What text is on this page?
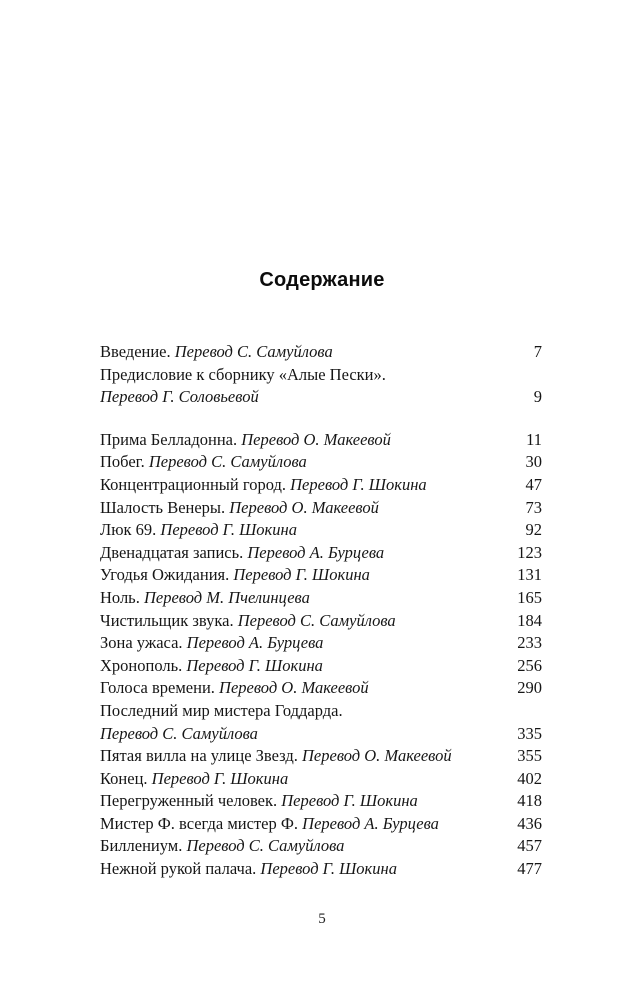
Содержание
Введение. Перевод С. Самуйлова	7
Предисловие к сборнику «Алые Пески».
Перевод Г. Соловьевой	9
Прима Белладонна. Перевод О. Макеевой	11
Побег. Перевод С. Самуйлова	30
Концентрационный город. Перевод Г. Шокина	47
Шалость Венеры. Перевод О. Макеевой	73
Люк 69. Перевод Г. Шокина	92
Двенадцатая запись. Перевод А. Бурцева	123
Угодья Ожидания. Перевод Г. Шокина	131
Ноль. Перевод М. Пчелинцева	165
Чистильщик звука. Перевод С. Самуйлова	184
Зона ужаса. Перевод А. Бурцева	233
Хронополь. Перевод Г. Шокина	256
Голоса времени. Перевод О. Макеевой	290
Последний мир мистера Годдарда.
Перевод С. Самуйлова	335
Пятая вилла на улице Звезд. Перевод О. Макеевой	355
Конец. Перевод Г. Шокина	402
Перегруженный человек. Перевод Г. Шокина	418
Мистер Ф. всегда мистер Ф. Перевод А. Бурцева	436
Биллениум. Перевод С. Самуйлова	457
Нежной рукой палача. Перевод Г. Шокина	477
5
